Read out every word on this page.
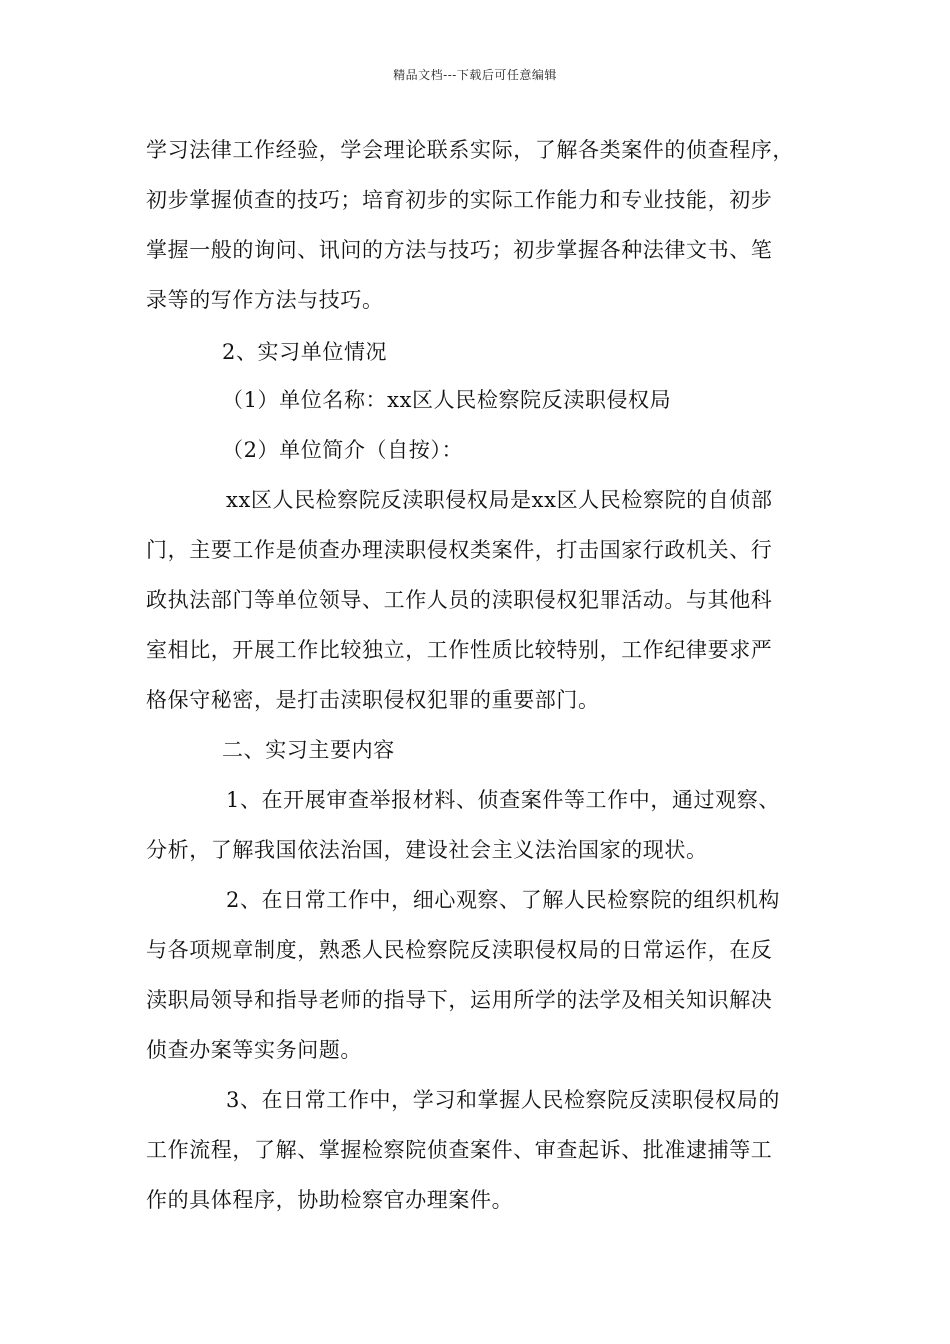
精品文档---下载后可任意编辑
学习法律工作经验，学会理论联系实际，了解各类案件的侦查程序，
初步掌握侦查的技巧；培育初步的实际工作能力和专业技能，初步
掌握一般的询问、讯问的方法与技巧；初步掌握各种法律文书、笔
录等的写作方法与技巧。
2、实习单位情况
（1）单位名称：xx区人民检察院反渎职侵权局
（2）单位简介（自按）：
xx区人民检察院反渎职侵权局是xx区人民检察院的自侦部
门，主要工作是侦查办理渎职侵权类案件，打击国家行政机关、行
政执法部门等单位领导、工作人员的渎职侵权犯罪活动。与其他科
室相比，开展工作比较独立，工作性质比较特别，工作纪律要求严
格保守秘密，是打击渎职侵权犯罪的重要部门。
二、实习主要内容
1、在开展审查举报材料、侦查案件等工作中，通过观察、
分析，了解我国依法治国，建设社会主义法治国家的现状。
2、在日常工作中，细心观察、了解人民检察院的组织机构
与各项规章制度，熟悉人民检察院反渎职侵权局的日常运作，在反
渎职局领导和指导老师的指导下，运用所学的法学及相关知识解决
侦查办案等实务问题。
3、在日常工作中，学习和掌握人民检察院反渎职侵权局的
工作流程，了解、掌握检察院侦查案件、审查起诉、批准逮捕等工
作的具体程序，协助检察官办理案件。
